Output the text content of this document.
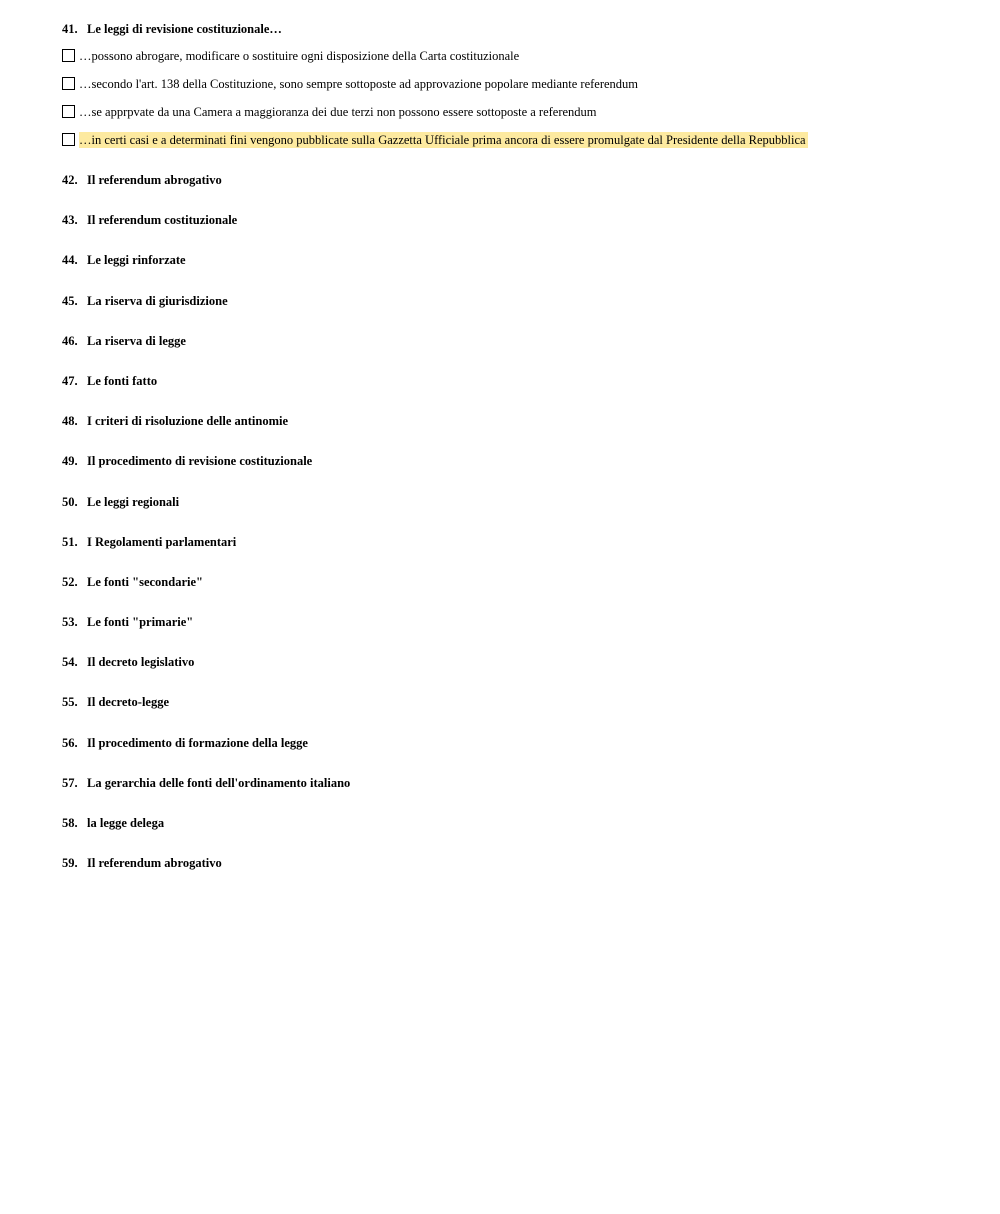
41. Le leggi di revisione costituzionale…
…possono abrogare, modificare o sostituire ogni disposizione della Carta costituzionale
…secondo l'art. 138 della Costituzione, sono sempre sottoposte ad approvazione popolare mediante referendum
…se apprpvate da una Camera a maggioranza dei due terzi non possono essere sottoposte a referendum
…in certi casi e a determinati fini vengono pubblicate sulla Gazzetta Ufficiale prima ancora di essere promulgate dal Presidente della Repubblica
42. Il referendum abrogativo
43. Il referendum costituzionale
44. Le leggi rinforzate
45. La riserva di giurisdizione
46. La riserva di legge
47. Le fonti fatto
48. I criteri di risoluzione delle antinomie
49. Il procedimento di revisione costituzionale
50. Le leggi regionali
51. I Regolamenti parlamentari
52. Le fonti "secondarie"
53. Le fonti "primarie"
54. Il decreto legislativo
55. Il decreto-legge
56. Il procedimento di formazione della legge
57. La gerarchia delle fonti dell'ordinamento italiano
58. la legge delega
59. Il referendum abrogativo
